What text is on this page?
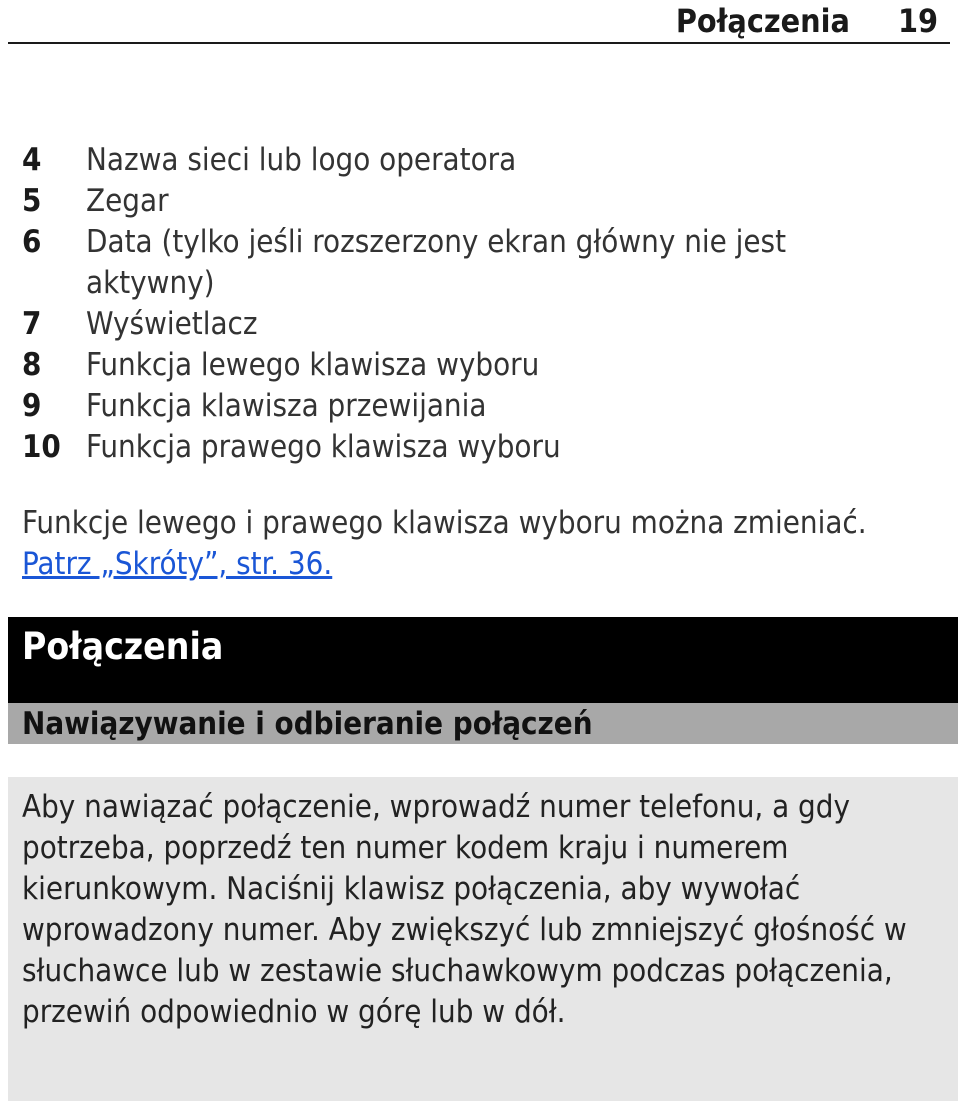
Połączenia 19
4	Nazwa sieci lub logo operatora
5	Zegar
6	Data (tylko jeśli rozszerzony ekran główny nie jest aktywny)
7	Wyświetlacz
8	Funkcja lewego klawisza wyboru
9	Funkcja klawisza przewijania
10 Funkcja prawego klawisza wyboru
Funkcje lewego i prawego klawisza wyboru można zmieniać. Patrz „Skróty”, str. 36.
Połączenia
Nawiązywanie i odbieranie połączeń
Aby nawiązać połączenie, wprowadź numer telefonu, a gdy potrzeba, poprzedź ten numer kodem kraju i numerem kierunkowym. Naciśnij klawisz połączenia, aby wywołać wprowadzony numer. Aby zwiększyć lub zmniejszyć głośność w słuchawce lub w zestawie słuchawkowym podczas połączenia, przewiń odpowiednio w górę lub w dół.
